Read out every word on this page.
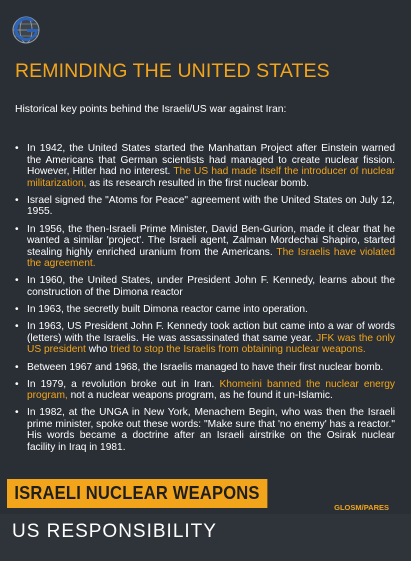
REMINDING THE UNITED STATES
Historical key points behind the Israeli/US war against Iran:
• In 1942, the United States started the Manhattan Project after Einstein warned the Americans that German scientists had managed to create nuclear fission. However, Hitler had no interest. The US had made itself the introducer of nuclear militarization, as its research resulted in the first nuclear bomb.
• Israel signed the "Atoms for Peace" agreement with the United States on July 12, 1955.
• In 1956, the then-Israeli Prime Minister, David Ben-Gurion, made it clear that he wanted a similar 'project'. The Israeli agent, Zalman Mordechai Shapiro, started stealing highly enriched uranium from the Americans. The Israelis have violated the agreement.
• In 1960, the United States, under President John F. Kennedy, learns about the construction of the Dimona reactor
• In 1963, the secretly built Dimona reactor came into operation.
• In 1963, US President John F. Kennedy took action but came into a war of words (letters) with the Israelis. He was assassinated that same year. JFK was the only US president who tried to stop the Israelis from obtaining nuclear weapons.
• Between 1967 and 1968, the Israelis managed to have their first nuclear bomb.
• In 1979, a revolution broke out in Iran. Khomeini banned the nuclear energy program, not a nuclear weapons program, as he found it un-Islamic.
• In 1982, at the UNGA in New York, Menachem Begin, who was then the Israeli prime minister, spoke out these words: "Make sure that 'no enemy' has a reactor." His words became a doctrine after an Israeli airstrike on the Osirak nuclear facility in Iraq in 1981.
ISRAELI NUCLEAR WEAPONS
GLOSM/PARES
US RESPONSIBILITY
